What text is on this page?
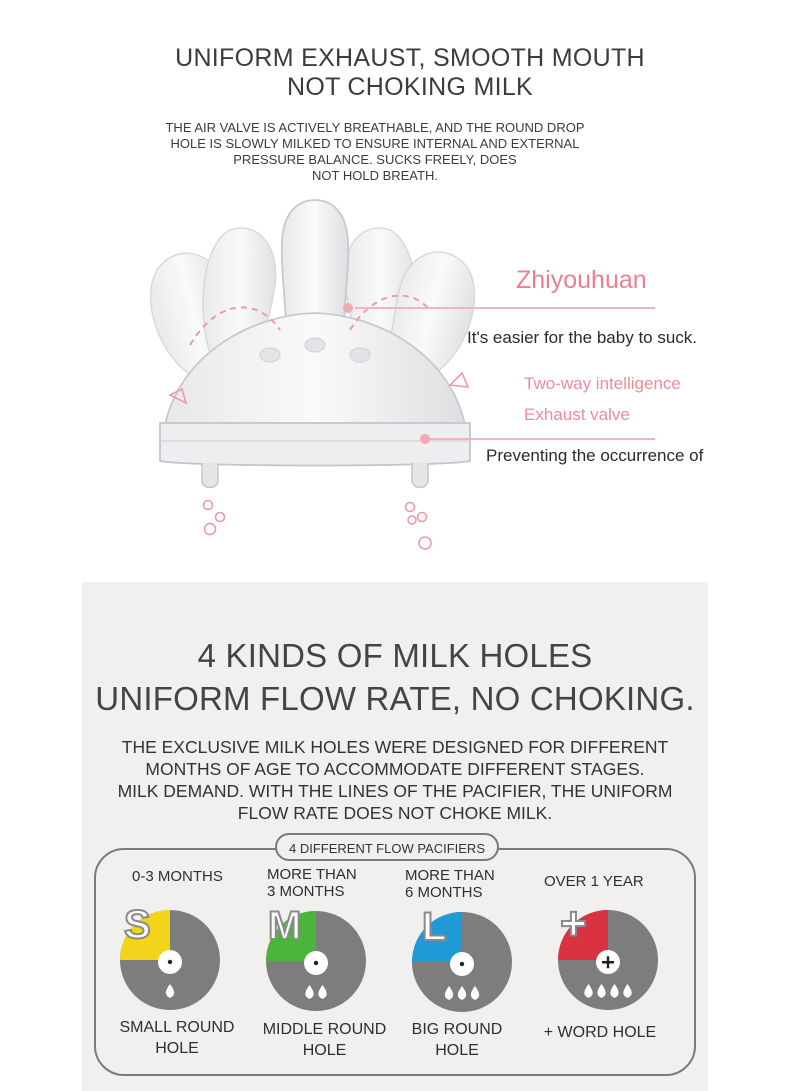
UNIFORM EXHAUST, SMOOTH MOUTH
NOT CHOKING MILK
THE AIR VALVE IS ACTIVELY BREATHABLE, AND THE ROUND DROP
HOLE IS SLOWLY MILKED TO ENSURE INTERNAL AND EXTERNAL
PRESSURE BALANCE. SUCKS FREELY, DOES
NOT HOLD BREATH.
Zhiyouhuan
It's easier for the baby to suck.
Two-way intelligence
Exhaust valve
Preventing the occurrence of
4 KINDS OF MILK HOLES
UNIFORM FLOW RATE, NO CHOKING.
THE EXCLUSIVE MILK HOLES WERE DESIGNED FOR DIFFERENT
MONTHS OF AGE TO ACCOMMODATE DIFFERENT STAGES.
MILK DEMAND. WITH THE LINES OF THE PACIFIER, THE UNIFORM
FLOW RATE DOES NOT CHOKE MILK.
4 DIFFERENT FLOW PACIFIERS
0-3 MONTHS
S
SMALL ROUND
HOLE
MORE THAN
3 MONTHS
M
MIDDLE ROUND
HOLE
MORE THAN
6 MONTHS
L
BIG ROUND
HOLE
OVER 1 YEAR
+
+ WORD HOLE
